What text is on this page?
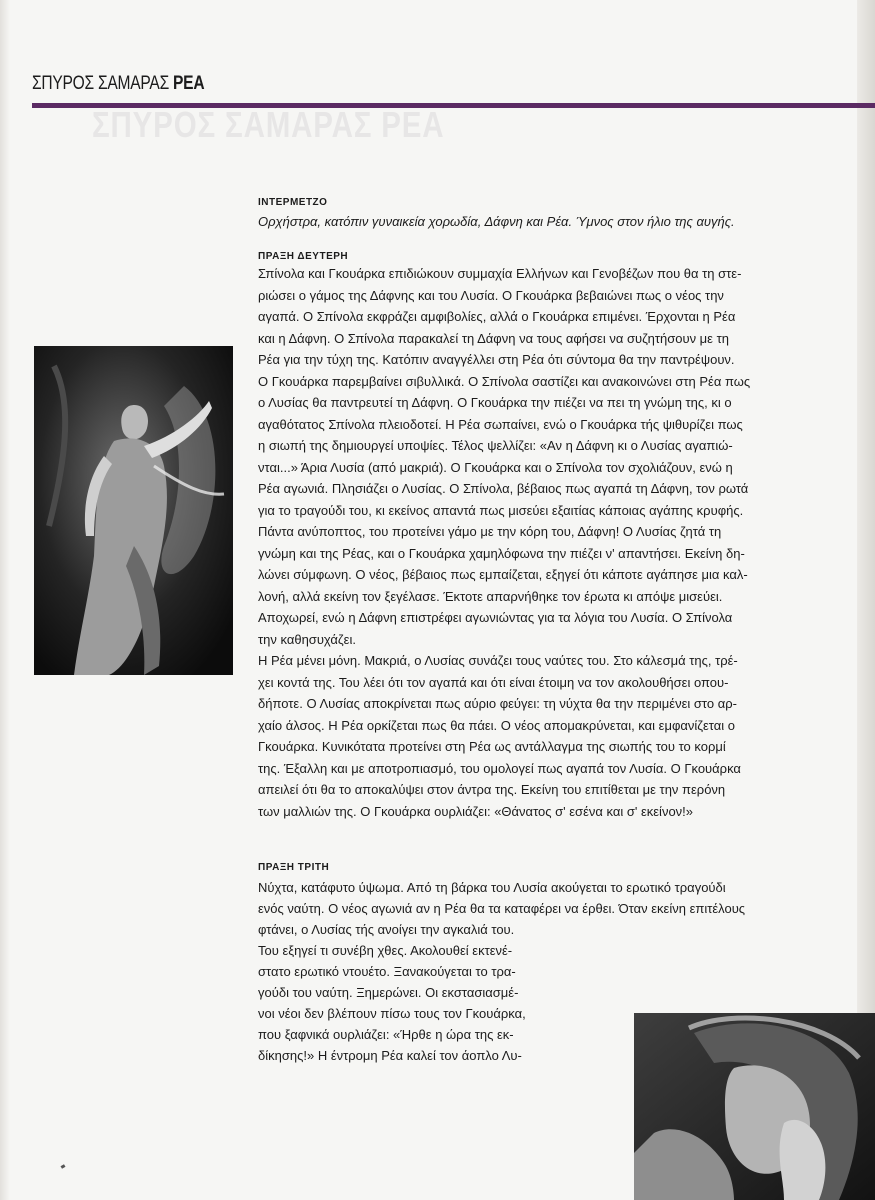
ΣΠΥΡΟΣ ΣΑΜΑΡΑΣ ΡΕΑ
ΣΠΥΡΟΣ ΣΑΜΑΡΑΣ ΡΕΑ
ΙΝΤΕΡΜΕΤΖΟ
Ορχήστρα, κατόπιν γυναικεία χορωδία, Δάφνη και Ρέα. Ύμνος στον ήλιο της αυγής.
ΠΡΑΞΗ ΔΕΥΤΕΡΗ
Σπίνολα και Γκουάρκα επιδιώκουν συμμαχία Ελλήνων και Γενοβέζων που θα τη στε-
ριώσει ο γάμος της Δάφνης και του Λυσία. Ο Γκουάρκα βεβαιώνει πως ο νέος την
αγαπά. Ο Σπίνολα εκφράζει αμφιβολίες, αλλά ο Γκουάρκα επιμένει. Έρχονται η Ρέα
και η Δάφνη. Ο Σπίνολα παρακαλεί τη Δάφνη να τους αφήσει να συζητήσουν με τη
Ρέα για την τύχη της. Κατόπιν αναγγέλλει στη Ρέα ότι σύντομα θα την παντρέψουν.
Ο Γκουάρκα παρεμβαίνει σιβυλλικά. Ο Σπίνολα σαστίζει και ανακοινώνει στη Ρέα πως
ο Λυσίας θα παντρευτεί τη Δάφνη. Ο Γκουάρκα την πιέζει να πει τη γνώμη της, κι ο
αγαθότατος Σπίνολα πλειοδοτεί. Η Ρέα σωπαίνει, ενώ ο Γκουάρκα τής ψιθυρίζει πως
η σιωπή της δημιουργεί υποψίες. Τέλος ψελλίζει: «Αν η Δάφνη κι ο Λυσίας αγαπιώ-
νται...» Άρια Λυσία (από μακριά). Ο Γκουάρκα και ο Σπίνολα τον σχολιάζουν, ενώ η
Ρέα αγωνιά. Πλησιάζει ο Λυσίας. Ο Σπίνολα, βέβαιος πως αγαπά τη Δάφνη, τον ρωτά
για το τραγούδι του, κι εκείνος απαντά πως μισεύει εξαιτίας κάποιας αγάπης κρυφής.
Πάντα ανύποπτος, του προτείνει γάμο με την κόρη του, Δάφνη! Ο Λυσίας ζητά τη
γνώμη και της Ρέας, και ο Γκουάρκα χαμηλόφωνα την πιέζει ν' απαντήσει. Εκείνη δη-
λώνει σύμφωνη. Ο νέος, βέβαιος πως εμπαίζεται, εξηγεί ότι κάποτε αγάπησε μια καλ-
λονή, αλλά εκείνη τον ξεγέλασε. Έκτοτε απαρνήθηκε τον έρωτα κι απόψε μισεύει.
Αποχωρεί, ενώ η Δάφνη επιστρέφει αγωνιώντας για τα λόγια του Λυσία. Ο Σπίνολα
την καθησυχάζει.
Η Ρέα μένει μόνη. Μακριά, ο Λυσίας συνάζει τους ναύτες του. Στο κάλεσμά της, τρέ-
χει κοντά της. Του λέει ότι τον αγαπά και ότι είναι έτοιμη να τον ακολουθήσει οπου-
δήποτε. Ο Λυσίας αποκρίνεται πως αύριο φεύγει: τη νύχτα θα την περιμένει στο αρ-
χαίο άλσος. Η Ρέα ορκίζεται πως θα πάει. Ο νέος απομακρύνεται, και εμφανίζεται ο
Γκουάρκα. Κυνικότατα προτείνει στη Ρέα ως αντάλλαγμα της σιωπής του το κορμί
της. Έξαλλη και με αποτροπιασμό, του ομολογεί πως αγαπά τον Λυσία. Ο Γκουάρκα
απειλεί ότι θα το αποκαλύψει στον άντρα της. Εκείνη του επιτίθεται με την περόνη
των μαλλιών της. Ο Γκουάρκα ουρλιάζει: «Θάνατος σ' εσένα και σ' εκείνον!»
ΠΡΑΞΗ ΤΡΙΤΗ
Νύχτα, κατάφυτο ύψωμα. Από τη βάρκα του Λυσία ακούγεται το ερωτικό τραγούδι
ενός ναύτη. Ο νέος αγωνιά αν η Ρέα θα τα καταφέρει να έρθει. Όταν εκείνη επιτέλους
φτάνει, ο Λυσίας τής ανοίγει την αγκαλιά του.
Του εξηγεί τι συνέβη χθες. Ακολουθεί εκτενέ-
στατο ερωτικό ντουέτο. Ξανακούγεται το τρα-
γούδι του ναύτη. Ξημερώνει. Οι εκστασιασμέ-
νοι νέοι δεν βλέπουν πίσω τους τον Γκουάρκα,
που ξαφνικά ουρλιάζει: «Ήρθε η ώρα της εκ-
δίκησης!» Η έντρομη Ρέα καλεί τον άοπλο Λυ-
